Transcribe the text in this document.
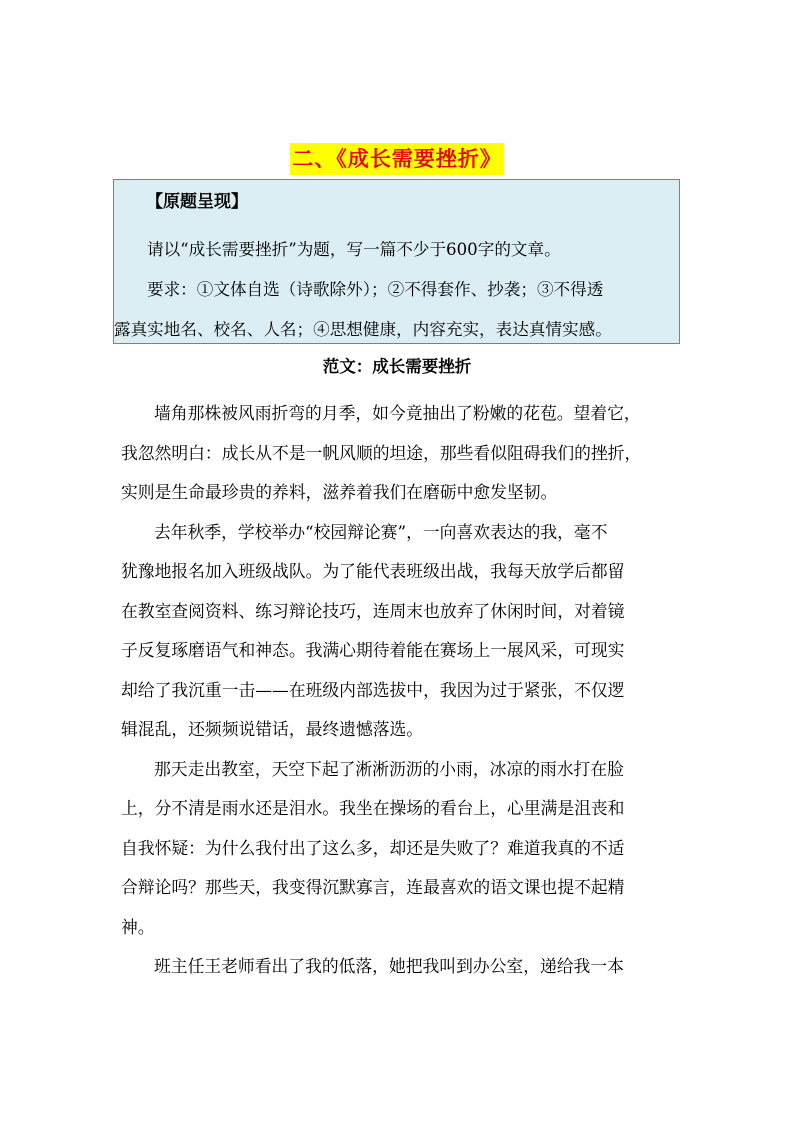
二、《成长需要挫折》
【原题呈现】

请以“成长需要挫折”为题，写一篇不少于600字的文章。

要求：①文体自选（诗歌除外）；②不得套作、抄袭；③不得透

露真实地名、校名、人名；④思想健康，内容充实，表达真情实感。

范文：成长需要挫折
墙角那株被风雨折弯的月季，如今竟抽出了粉嫩的花苞。望着它，
我忽然明白：成长从不是一帆风顺的坦途，那些看似阻碍我们的挫折，
实则是生命最珍贵的养料，滋养着我们在磨砺中愈发坚韧。
去年秋季，学校举办“校园辩论赛”，一向喜欢表达的我，毫不
犹豫地报名加入班级战队。为了能代表班级出战，我每天放学后都留
在教室查阅资料、练习辩论技巧，连周末也放弃了休闲时间，对着镜
子反复琢磨语气和神态。我满心期待着能在赛场上一展风采，可现实
却给了我沉重一击——在班级内部选拔中，我因为过于紧张，不仅逻
辑混乱，还频频说错话，最终遗憾落选。
那天走出教室，天空下起了淅淅沥沥的小雨，冰凉的雨水打在脸
上，分不清是雨水还是泪水。我坐在操场的看台上，心里满是沮丧和
自我怀疑：为什么我付出了这么多，却还是失败了？难道我真的不适
合辩论吗？那些天，我变得沉默寡言，连最喜欢的语文课也提不起精
神。
班主任王老师看出了我的低落，她把我叫到办公室，递给我一本
